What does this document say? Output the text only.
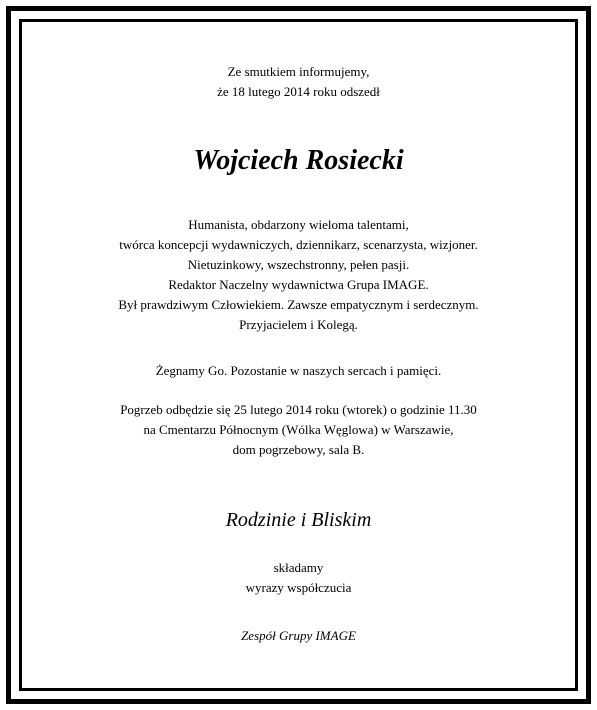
Ze smutkiem informujemy,
że 18 lutego 2014 roku odszedł
Wojciech Rosiecki
Humanista, obdarzony wieloma talentami,
twórca koncepcji wydawniczych, dziennikarz, scenarzysta, wizjoner.
Nietuzinkowy, wszechstronny, pełen pasji.
Redaktor Naczelny wydawnictwa Grupa IMAGE.
Był prawdziwym Człowiekiem. Zawsze empatycznym i serdecznym.
Przyjacielem i Kolegą.
Żegnamy Go. Pozostanie w naszych sercach i pamięci.
Pogrzeb odbędzie się 25 lutego 2014 roku (wtorek) o godzinie 11.30
na Cmentarzu Północnym (Wólka Węglowa) w Warszawie,
dom pogrzebowy, sala B.
Rodzinie i Bliskim
składamy
wyrazy współczucia
Zespół Grupy IMAGE
